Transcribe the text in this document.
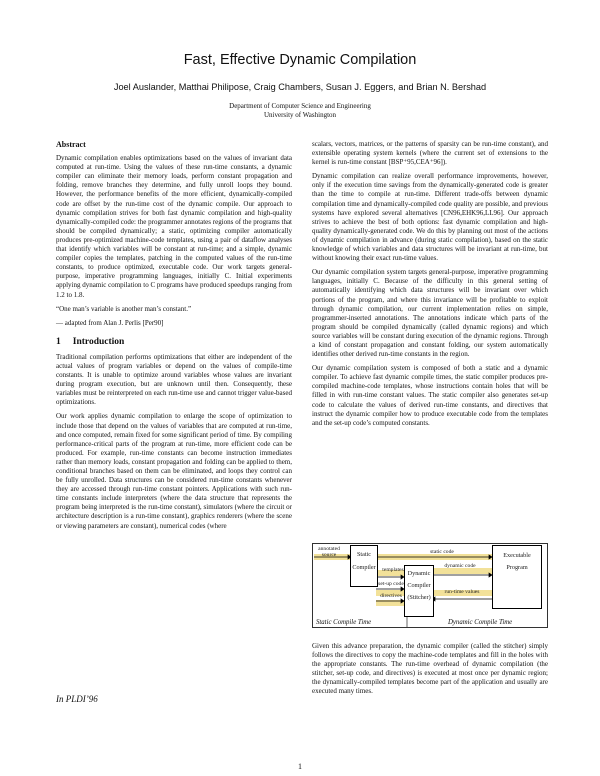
Fast, Effective Dynamic Compilation
Joel Auslander, Matthai Philipose, Craig Chambers, Susan J. Eggers, and Brian N. Bershad
Department of Computer Science and Engineering
University of Washington
Abstract

Dynamic compilation enables optimizations based on the values of invariant data computed at run-time. Using the values of these run-time constants, a dynamic compiler can eliminate their memory loads, perform constant propagation and folding, remove branches they determine, and fully unroll loops they bound. However, the performance benefits of the more efficient, dynamically-compiled code are offset by the run-time cost of the dynamic compile. Our approach to dynamic compilation strives for both fast dynamic compilation and high-quality dynamically-compiled code: the programmer annotates regions of the programs that should be compiled dynamically; a static, optimizing compiler automatically produces pre-optimized machine-code templates, using a pair of dataflow analyses that identify which variables will be constant at run-time; and a simple, dynamic compiler copies the templates, patching in the computed values of the run-time constants, to produce optimized, executable code. Our work targets general-purpose, imperative programming languages, initially C. Initial experiments applying dynamic compilation to C programs have produced speedups ranging from 1.2 to 1.8.

“One man’s variable is another man’s constant.”

— adapted from Alan J. Perlis [Per90]

1 Introduction

Traditional compilation performs optimizations that either are independent of the actual values of program variables or depend on the values of compile-time constants. It is unable to optimize around variables whose values are invariant during program execution, but are unknown until then. Consequently, these variables must be reinterpreted on each run-time use and cannot trigger value-based optimizations.

Our work applies dynamic compilation to enlarge the scope of optimization to include those that depend on the values of variables that are computed at run-time, and once computed, remain fixed for some significant period of time. By compiling performance-critical parts of the program at run-time, more efficient code can be produced. For example, run-time constants can become instruction immediates rather than memory loads, constant propagation and folding can be applied to them, conditional branches based on them can be eliminated, and loops they control can be fully unrolled. Data structures can be considered run-time constants whenever they are accessed through run-time constant pointers. Applications with such run-time constants include interpreters (where the data structure that represents the program being interpreted is the run-time constant), simulators (where the circuit or architecture description is a run-time constant), graphics renderers (where the scene or viewing parameters are constant), numerical codes (where

scalars, vectors, matrices, or the patterns of sparsity can be run-time constant), and extensible operating system kernels (where the current set of extensions to the kernel is run-time constant [BSP⁺95,CEA⁺96]).

Dynamic compilation can realize overall performance improvements, however, only if the execution time savings from the dynamically-generated code is greater than the time to compile at run-time. Different trade-offs between dynamic compilation time and dynamically-compiled code quality are possible, and previous systems have explored several alternatives [CN96,EHK96,LL96]. Our approach strives to achieve the best of both options: fast dynamic compilation and high-quality dynamically-generated code. We do this by planning out most of the actions of dynamic compilation in advance (during static compilation), based on the static knowledge of which variables and data structures will be invariant at run-time, but without knowing their exact run-time values.

Our dynamic compilation system targets general-purpose, imperative programming languages, initially C. Because of the difficulty in this general setting of automatically identifying which data structures will be invariant over which portions of the program, and where this invariance will be profitable to exploit through dynamic compilation, our current implementation relies on simple, programmer-inserted annotations. The annotations indicate which parts of the program should be compiled dynamically (called dynamic regions) and which source variables will be constant during execution of the dynamic regions. Through a kind of constant propagation and constant folding, our system automatically identifies other derived run-time constants in the region.

Our dynamic compilation system is composed of both a static and a dynamic compiler. To achieve fast dynamic compile times, the static compiler produces pre-compiled machine-code templates, whose instructions contain holes that will be filled in with run-time constant values. The static compiler also generates set-up code to calculate the values of derived run-time constants, and directives that instruct the dynamic compiler how to produce executable code from the templates and the set-up code’s computed constants.

annotated source	Static Compiler	templates
set-up code
directives
static code
Dynamic Compiler (Stitcher)
dynamic code
run-time values
Executable Program
Static Compile Time	Dynamic Compile Time

Given this advance preparation, the dynamic compiler (called the stitcher) simply follows the directives to copy the machine-code templates and fill in the holes with the appropriate constants. The run-time overhead of dynamic compilation (the stitcher, set-up code, and directives) is executed at most once per dynamic region; the dynamically-compiled templates become part of the application and usually are executed many times.

In PLDI’96
1
